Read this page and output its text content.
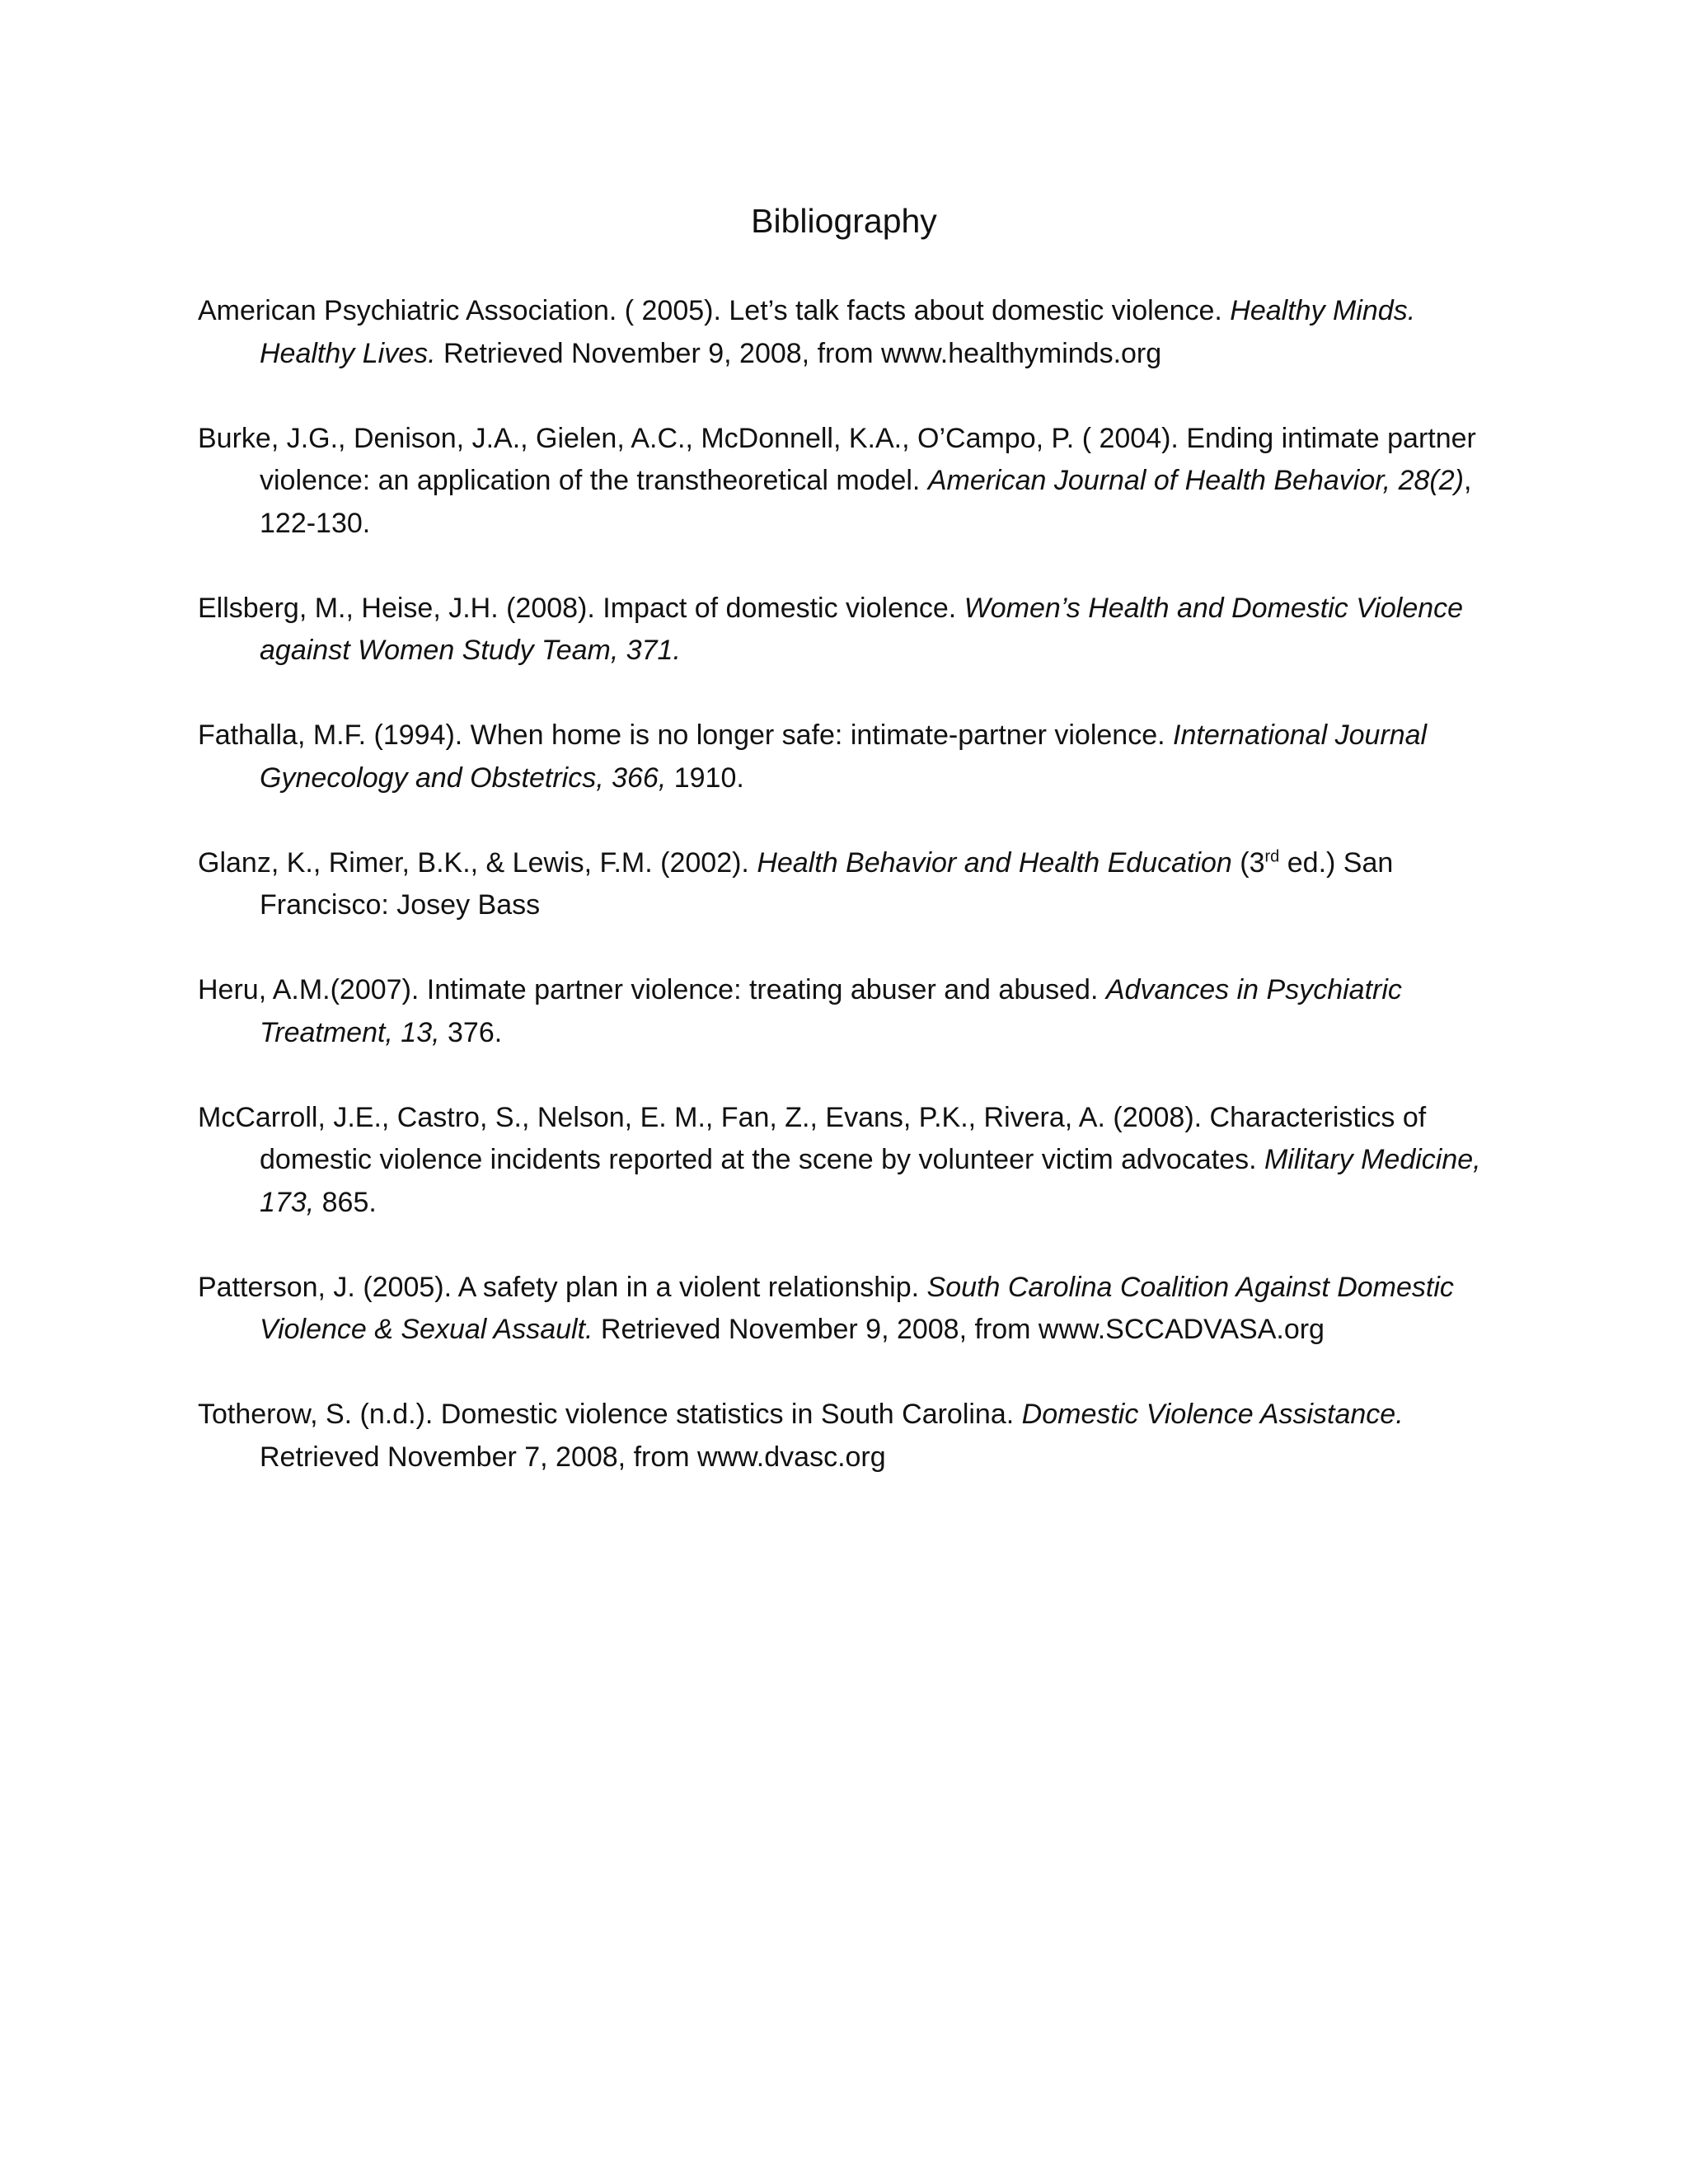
Bibliography

American Psychiatric Association. ( 2005). Let’s talk facts about domestic violence. Healthy Minds. Healthy Lives. Retrieved November 9, 2008, from www.healthyminds.org

Burke, J.G., Denison, J.A., Gielen, A.C., McDonnell, K.A., O’Campo, P. ( 2004). Ending intimate partner violence: an application of the transtheoretical model. American Journal of Health Behavior, 28(2), 122-130.

Ellsberg, M., Heise, J.H. (2008). Impact of domestic violence. Women’s Health and Domestic Violence against Women Study Team, 371.

Fathalla, M.F. (1994). When home is no longer safe: intimate-partner violence. International Journal Gynecology and Obstetrics, 366, 1910.

Glanz, K., Rimer, B.K., & Lewis, F.M. (2002). Health Behavior and Health Education (3rd ed.) San Francisco: Josey Bass

Heru, A.M.(2007). Intimate partner violence: treating abuser and abused. Advances in Psychiatric Treatment, 13, 376.

McCarroll, J.E., Castro, S., Nelson, E. M., Fan, Z., Evans, P.K., Rivera, A. (2008). Characteristics of domestic violence incidents reported at the scene by volunteer victim advocates. Military Medicine, 173, 865.

Patterson, J. (2005). A safety plan in a violent relationship. South Carolina Coalition Against Domestic Violence & Sexual Assault. Retrieved November 9, 2008, from www.SCCADVASA.org

Totherow, S. (n.d.). Domestic violence statistics in South Carolina. Domestic Violence Assistance. Retrieved November 7, 2008, from www.dvasc.org
